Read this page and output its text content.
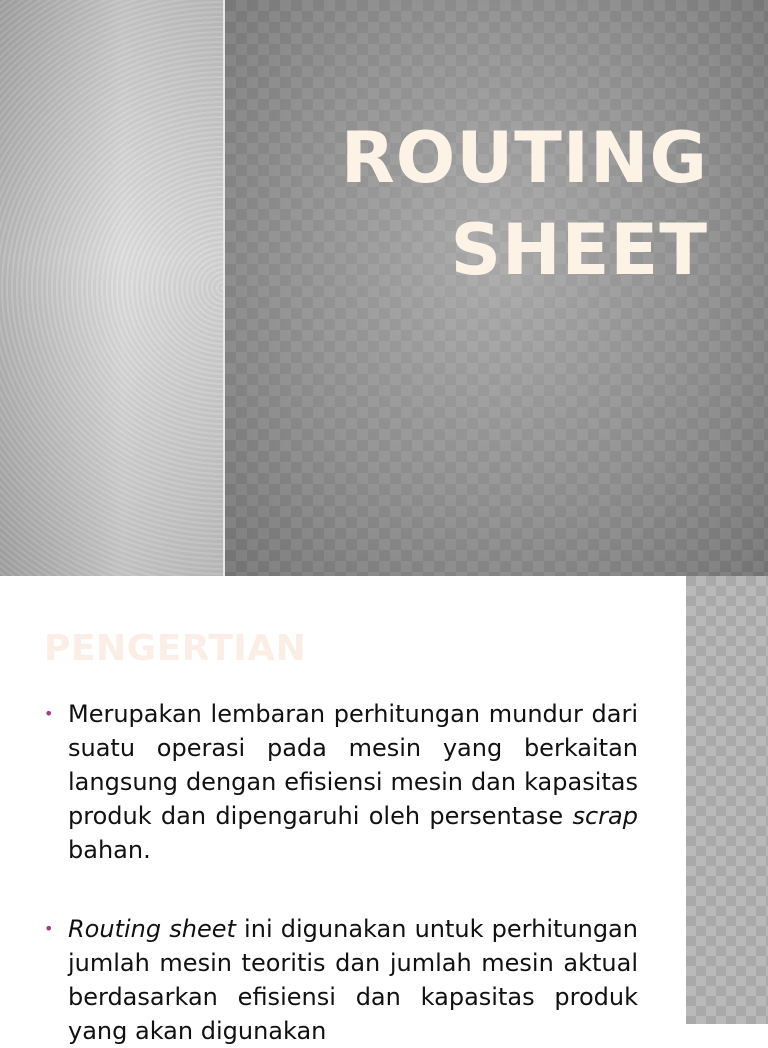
ROUTING
SHEET
PENGERTIAN
• Merupakan lembaran perhitungan mundur dari suatu operasi pada mesin yang berkaitan langsung dengan efisiensi mesin dan kapasitas produk dan dipengaruhi oleh persentase scrap bahan.

• Routing sheet ini digunakan untuk perhitungan jumlah mesin teoritis dan jumlah mesin aktual berdasarkan efisiensi dan kapasitas produk yang akan digunakan
